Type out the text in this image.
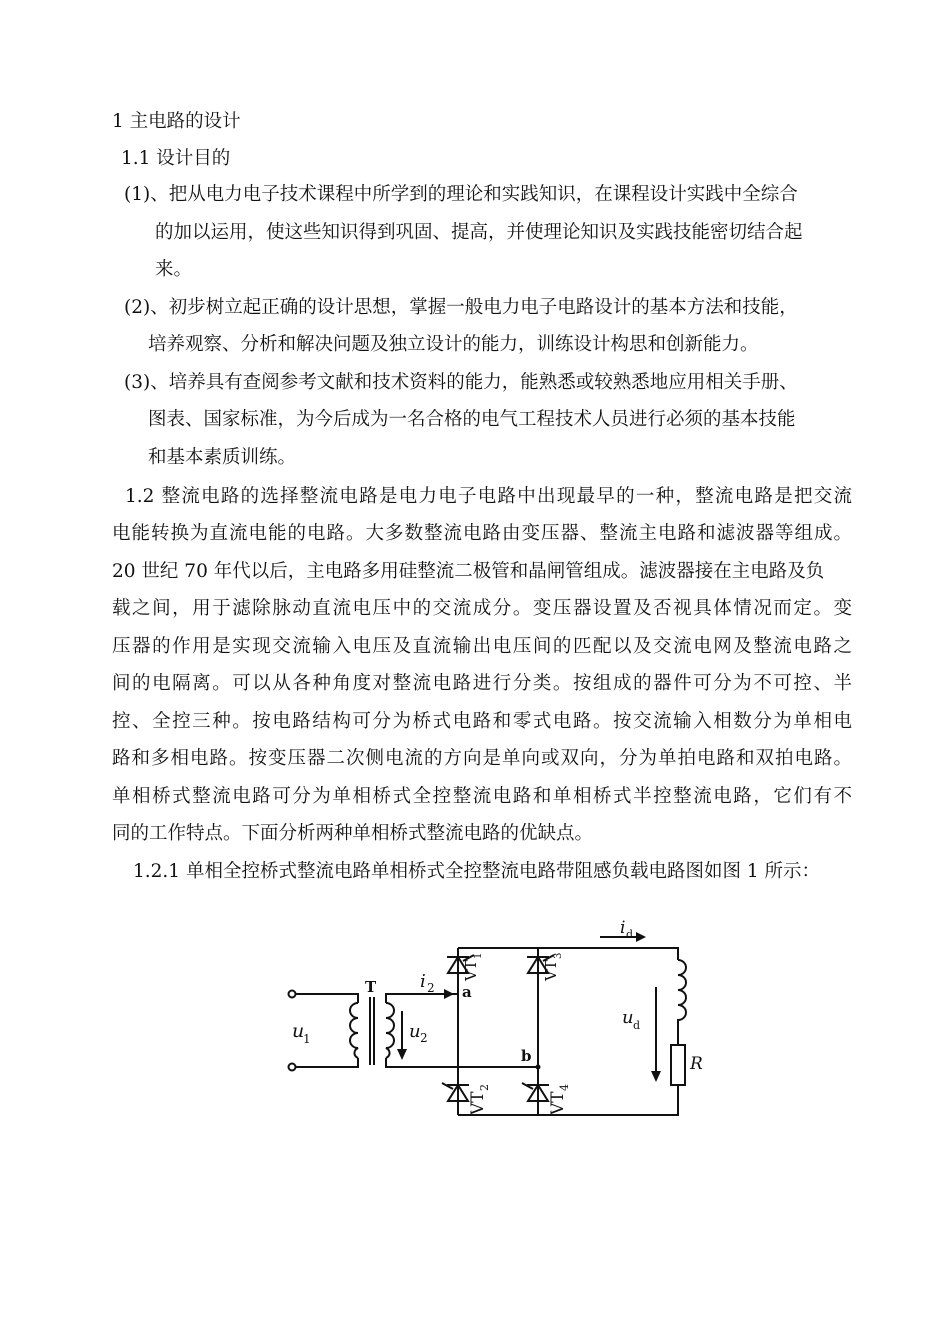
1 主电路的设计
1.1 设计目的
(1)、把从电力电子技术课程中所学到的理论和实践知识，在课程设计实践中全综合
的加以运用，使这些知识得到巩固、提高，并使理论知识及实践技能密切结合起
来。
(2)、初步树立起正确的设计思想，掌握一般电力电子电路设计的基本方法和技能，
培养观察、分析和解决问题及独立设计的能力，训练设计构思和创新能力。
(3)、培养具有查阅参考文献和技术资料的能力，能熟悉或较熟悉地应用相关手册、
图表、国家标准，为今后成为一名合格的电气工程技术人员进行必须的基本技能
和基本素质训练。
1.2 整流电路的选择整流电路是电力电子电路中出现最早的一种，整流电路是把交流
电能转换为直流电能的电路。大多数整流电路由变压器、整流主电路和滤波器等组成。
20 世纪 70 年代以后，主电路多用硅整流二极管和晶闸管组成。滤波器接在主电路及负
载之间，用于滤除脉动直流电压中的交流成分。变压器设置及否视具体情况而定。变
压器的作用是实现交流输入电压及直流输出电压间的匹配以及交流电网及整流电路之
间的电隔离。可以从各种角度对整流电路进行分类。按组成的器件可分为不可控、半
控、全控三种。按电路结构可分为桥式电路和零式电路。按交流输入相数分为单相电
路和多相电路。按变压器二次侧电流的方向是单向或双向，分为单拍电路和双拍电路。
单相桥式整流电路可分为单相桥式全控整流电路和单相桥式半控整流电路，它们有不
同的工作特点。下面分析两种单相桥式整流电路的优缺点。
1.2.1 单相全控桥式整流电路单相桥式全控整流电路带阻感负载电路图如图 1 所示：
u
1
T i 2
u 2
a
b
i d
u d
R
VT
1
VT
3
VT
2
VT
4
